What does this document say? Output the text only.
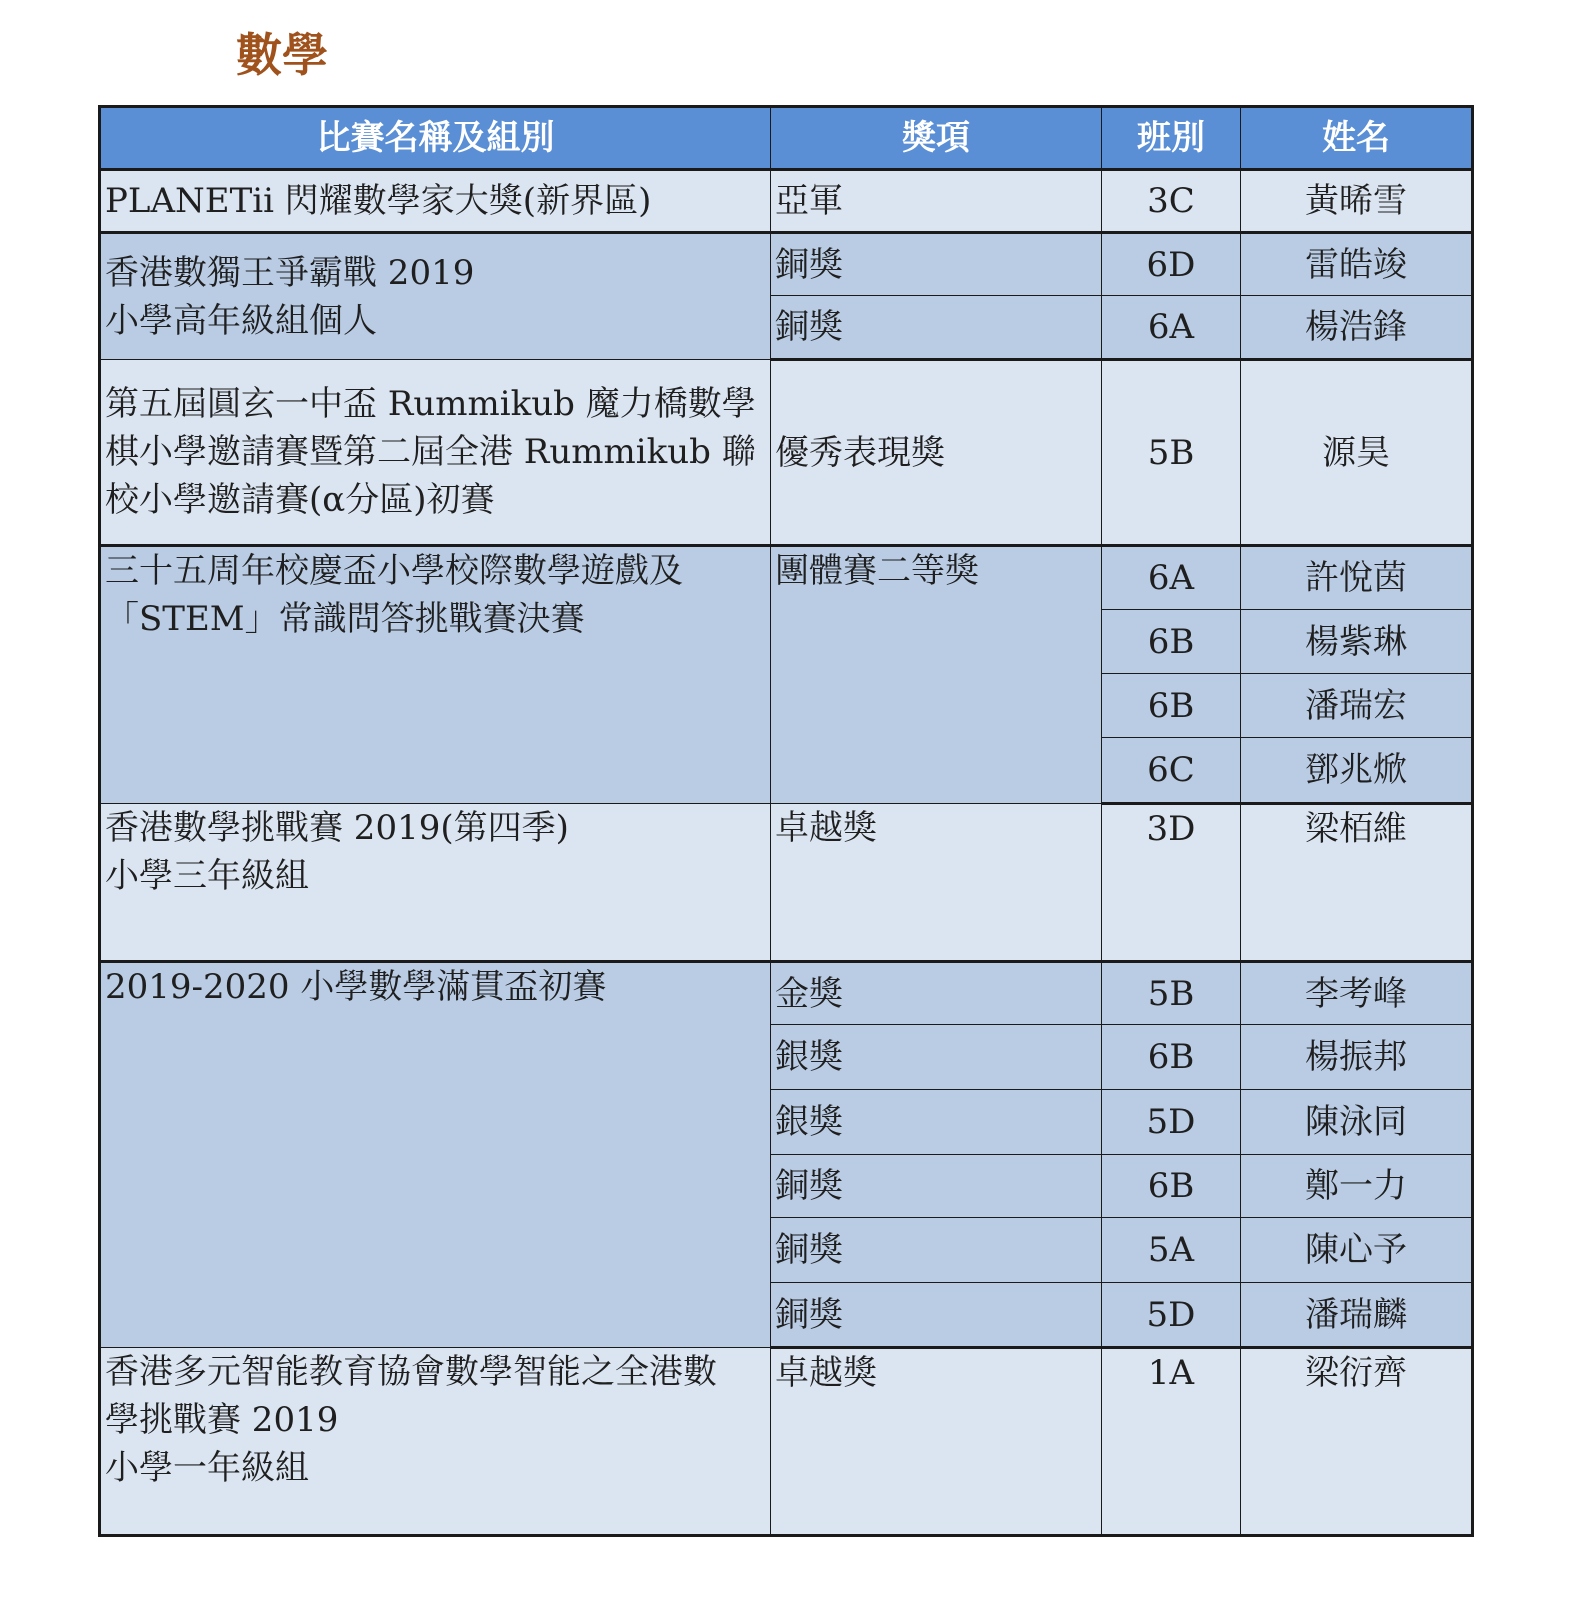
數學
比賽名稱及組別	獎項	班別	姓名

PLANETii 閃耀數學家大獎(新界區)	亞軍	3C	黃晞雪

香港數獨王爭霸戰 2019
小學高年級組個人	銅獎	6D	雷皓竣
	銅獎	6A	楊浩鋒

第五屆圓玄一中盃 Rummikub 魔力橋數學
棋小學邀請賽暨第二屆全港 Rummikub 聯
校小學邀請賽(α分區)初賽	優秀表現獎	5B	源昊

三十五周年校慶盃小學校際數學遊戲及
「STEM」常識問答挑戰賽決賽	團體賽二等獎	6A	許悅茵
		6B	楊紫琳
		6B	潘瑞宏
		6C	鄧兆焮

香港數學挑戰賽 2019(第四季)
小學三年級組	卓越獎	3D	梁栢維

2019-2020 小學數學滿貫盃初賽	金獎	5B	李考峰
	銀獎	6B	楊振邦
	銀獎	5D	陳泳同
	銅獎	6B	鄭一力
	銅獎	5A	陳心予
	銅獎	5D	潘瑞麟

香港多元智能教育協會數學智能之全港數
學挑戰賽 2019
小學一年級組	卓越獎	1A	梁衍齊
